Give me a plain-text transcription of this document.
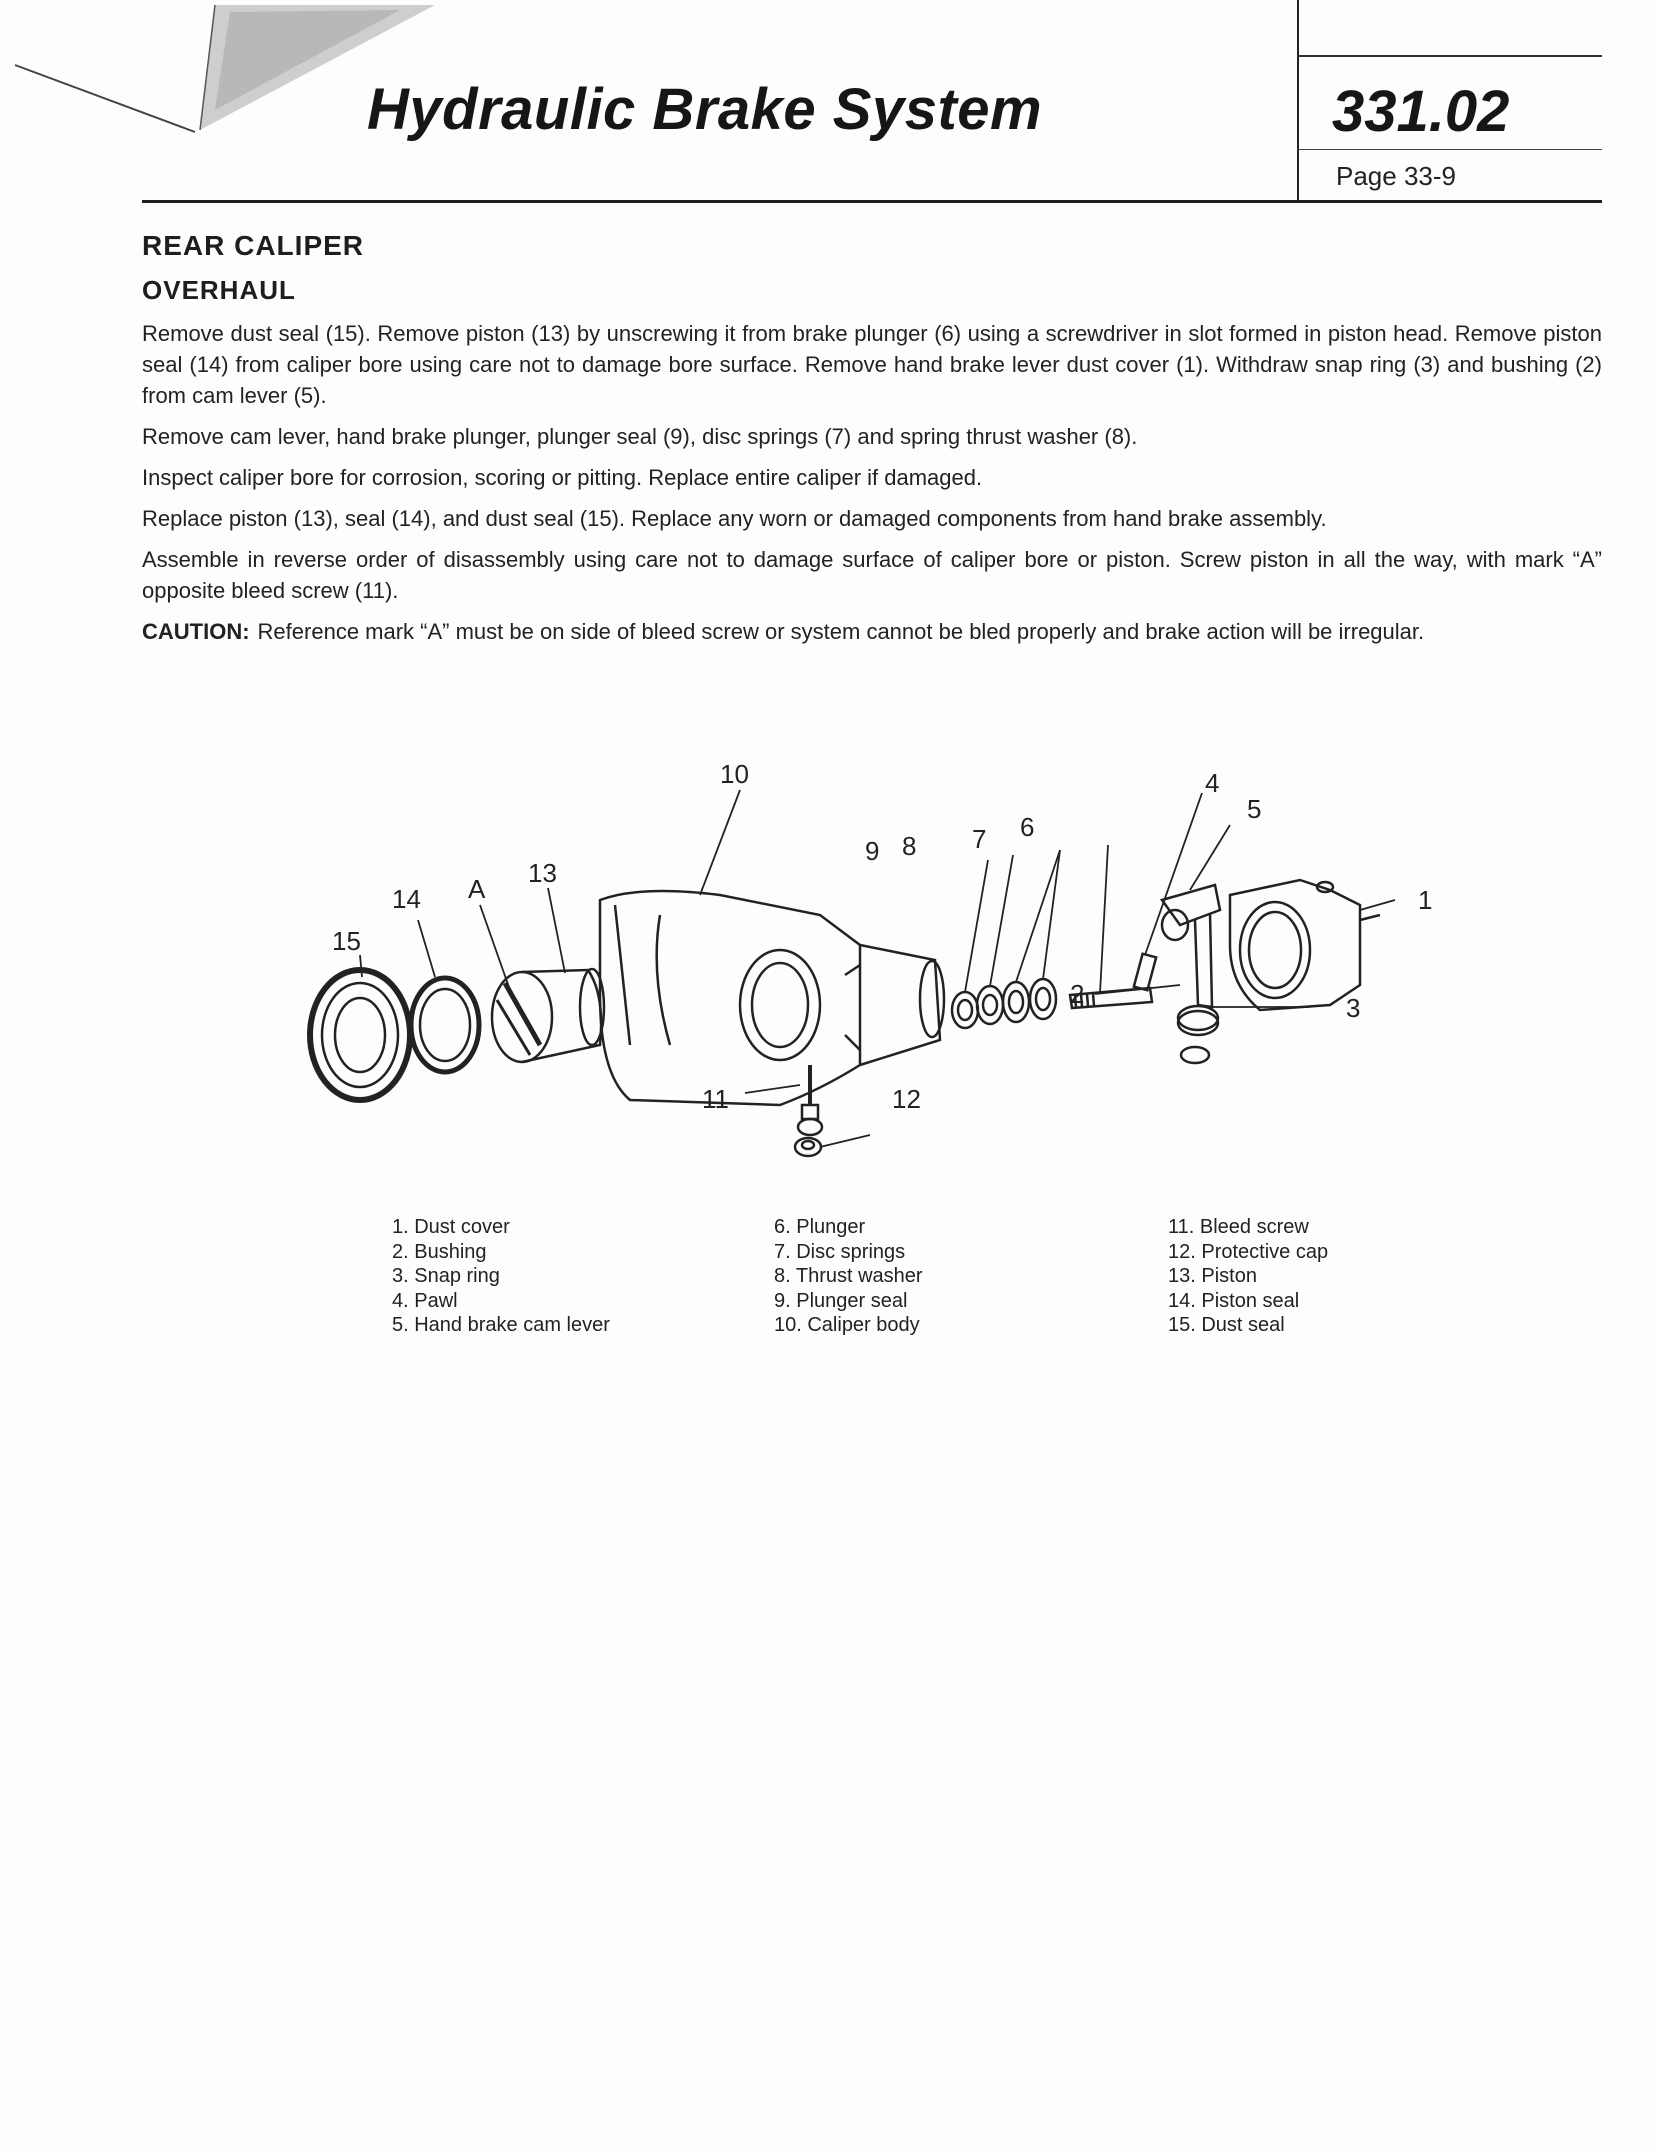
Hydraulic Brake System	331.02
Page 33-9
REAR CALIPER
OVERHAUL

Remove dust seal (15). Remove piston (13) by unscrewing it from brake plunger (6) using a screwdriver in slot formed in piston head. Remove piston seal (14) from caliper bore using care not to damage bore surface. Remove hand brake lever dust cover (1). Withdraw snap ring (3) and bushing (2) from cam lever (5).

Remove cam lever, hand brake plunger, plunger seal (9), disc springs (7) and spring thrust washer (8).

Inspect caliper bore for corrosion, scoring or pitting. Replace entire caliper if damaged.

Replace piston (13), seal (14), and dust seal (15). Replace any worn or damaged components from hand brake assembly.

Assemble in reverse order of disassembly using care not to damage surface of caliper bore or piston. Screw piston in all the way, with mark “A” opposite bleed screw (11).

CAUTION: Reference mark “A” must be on side of bleed screw or system cannot be bled properly and brake action will be irregular.
15
14 A
13
10
9 8 7 6
4
5
1
2	3
11	12
1. Dust cover
2. Bushing
3. Snap ring
4. Pawl
5. Hand brake cam lever
6. Plunger
7. Disc springs
8. Thrust washer
9. Plunger seal
10. Caliper body
11. Bleed screw
12. Protective cap
13. Piston
14. Piston seal
15. Dust seal
